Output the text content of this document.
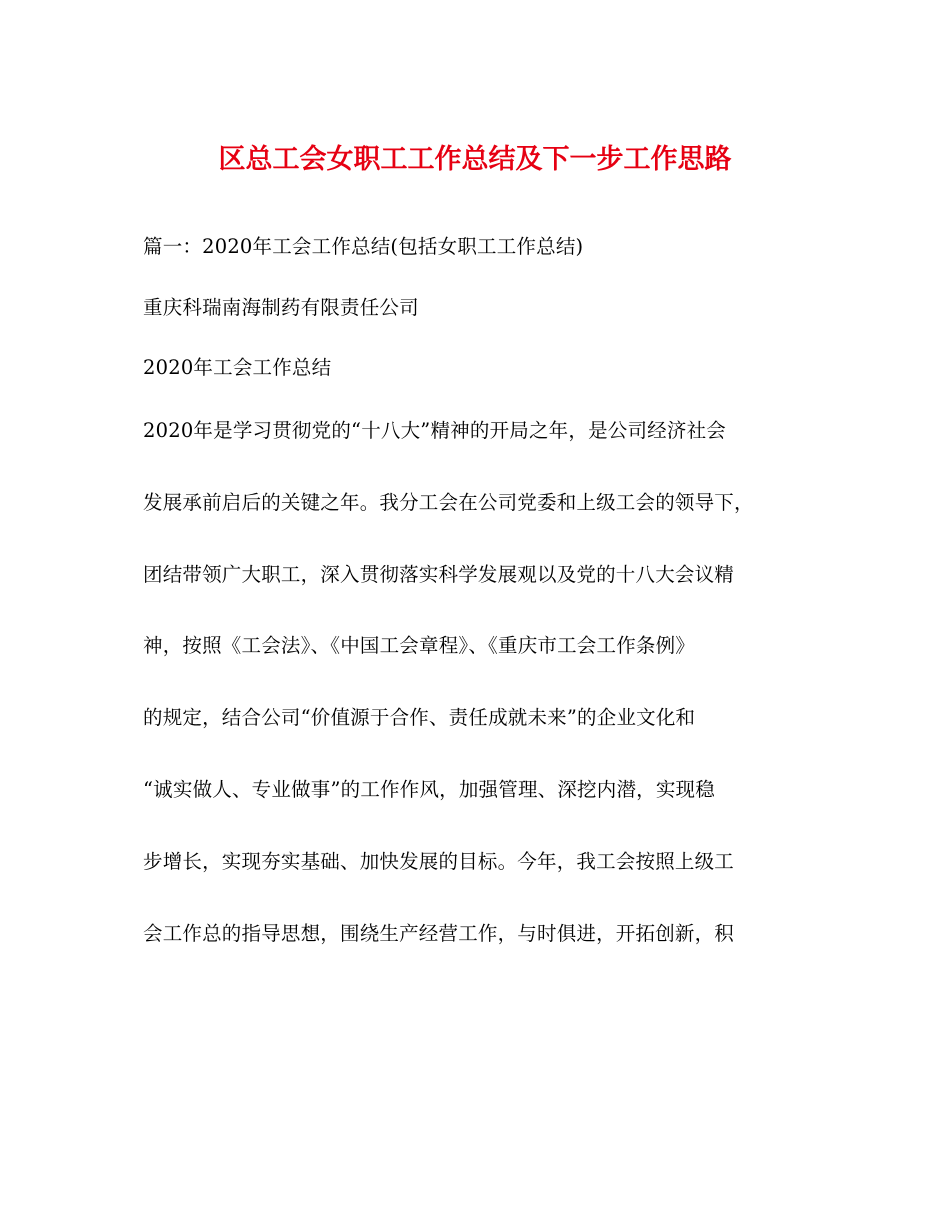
区总工会女职工工作总结及下一步工作思路
篇一：2020年工会工作总结(包括女职工工作总结)
重庆科瑞南海制药有限责任公司
2020年工会工作总结
2020年是学习贯彻党的“十八大”精神的开局之年，是公司经济社会
发展承前启后的关键之年。我分工会在公司党委和上级工会的领导下，
团结带领广大职工，深入贯彻落实科学发展观以及党的十八大会议精
神，按照《工会法》、《中国工会章程》、《重庆市工会工作条例》
的规定，结合公司“价值源于合作、责任成就未来”的企业文化和
“诚实做人、专业做事”的工作作风，加强管理、深挖内潜，实现稳
步增长，实现夯实基础、加快发展的目标。今年，我工会按照上级工
会工作总的指导思想，围绕生产经营工作，与时俱进，开拓创新，积
